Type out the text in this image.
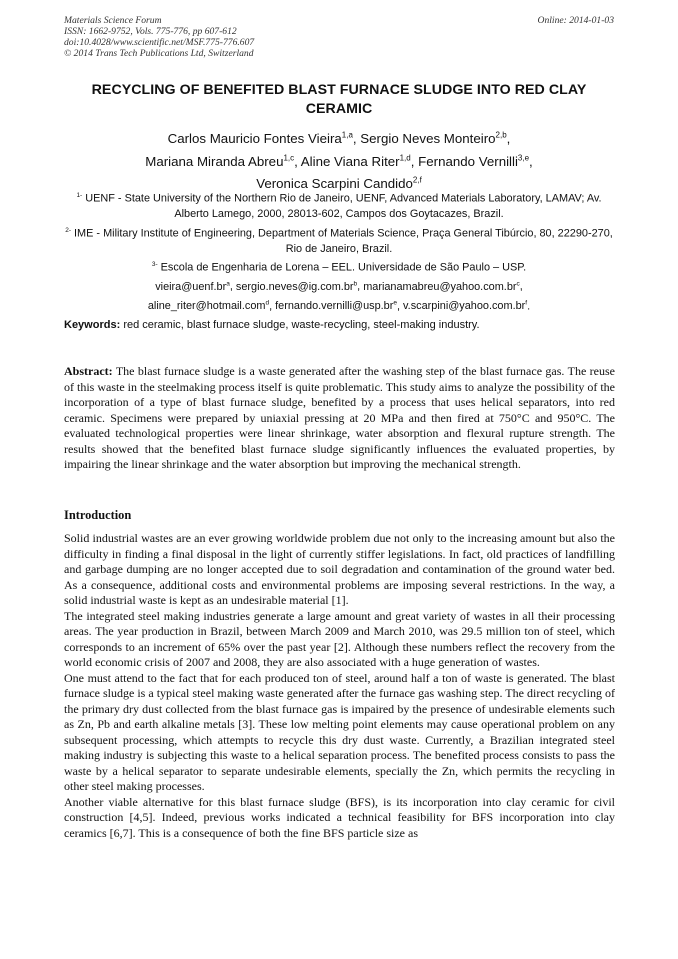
Materials Science Forum
ISSN: 1662-9752, Vols. 775-776, pp 607-612
doi:10.4028/www.scientific.net/MSF.775-776.607
© 2014 Trans Tech Publications Ltd, Switzerland
Online: 2014-01-03
RECYCLING OF BENEFITED BLAST FURNACE SLUDGE INTO RED CLAY CERAMIC
Carlos Mauricio Fontes Vieira$^{1,a}$, Sergio Neves Monteiro$^{2,b}$,
Mariana Miranda Abreu$^{1,c}$, Aline Viana Riter$^{1,d}$, Fernando Vernilli$^{3,e}$,
Veronica Scarpini Candido$^{2,f}$
$^{1-}$ UENF - State University of the Northern Rio de Janeiro, UENF, Advanced Materials Laboratory, LAMAV; Av. Alberto Lamego, 2000, 28013-602, Campos dos Goytacazes, Brazil.
$^{2-}$ IME - Military Institute of Engineering, Department of Materials Science, Praça General Tibúrcio, 80, 22290-270, Rio de Janeiro, Brazil.
$^{3-}$ Escola de Engenharia de Lorena – EEL. Universidade de São Paulo – USP.
$vieira@uenf.br^a$, $sergio.neves@ig.com.br^b$, $marianamabreu@yahoo.com.br^c$,
aline_riter@hotmail.com$^d$, $fernando.vernilli@usp.br^e$, $v.scarpini@yahoo.com.br^f$.
Keywords: red ceramic, blast furnace sludge, waste-recycling, steel-making industry.
Abstract: The blast furnace sludge is a waste generated after the washing step of the blast furnace gas. The reuse of this waste in the steelmaking process itself is quite problematic. This study aims to analyze the possibility of the incorporation of a type of blast furnace sludge, benefited by a process that uses helical separators, into red ceramic. Specimens were prepared by uniaxial pressing at 20 MPa and then fired at 750°C and 950°C. The evaluated technological properties were linear shrinkage, water absorption and flexural rupture strength. The results showed that the benefited blast furnace sludge significantly influences the evaluated properties, by impairing the linear shrinkage and the water absorption but improving the mechanical strength.
Introduction

Solid industrial wastes are an ever growing worldwide problem due not only to the increasing amount but also the difficulty in finding a final disposal in the light of currently stiffer legislations. In fact, old practices of landfilling and garbage dumping are no longer accepted due to soil degradation and contamination of the ground water bed. As a consequence, additional costs and environmental problems are imposing several restrictions. In the way, a solid industrial waste is kept as an undesirable material [1].

The integrated steel making industries generate a large amount and great variety of wastes in all their processing areas. The year production in Brazil, between March 2009 and March 2010, was 29.5 million ton of steel, which corresponds to an increment of 65% over the past year [2]. Although these numbers reflect the recovery from the world economic crisis of 2007 and 2008, they are also associated with a huge generation of wastes.

One must attend to the fact that for each produced ton of steel, around half a ton of waste is generated. The blast furnace sludge is a typical steel making waste generated after the furnace gas washing step. The direct recycling of the primary dry dust collected from the blast furnace gas is impaired by the presence of undesirable elements such as Zn, Pb and earth alkaline metals [3]. These low melting point elements may cause operational problem on any subsequent processing, which attempts to recycle this dry dust waste. Currently, a Brazilian integrated steel making industry is subjecting this waste to a helical separation process. The benefited process consists to pass the waste by a helical separator to separate undesirable elements, specially the Zn, which permits the recycling in other steel making processes.

Another viable alternative for this blast furnace sludge (BFS), is its incorporation into clay ceramic for civil construction [4,5]. Indeed, previous works indicated a technical feasibility for BFS incorporation into clay ceramics [6,7]. This is a consequence of both the fine BFS particle size as
